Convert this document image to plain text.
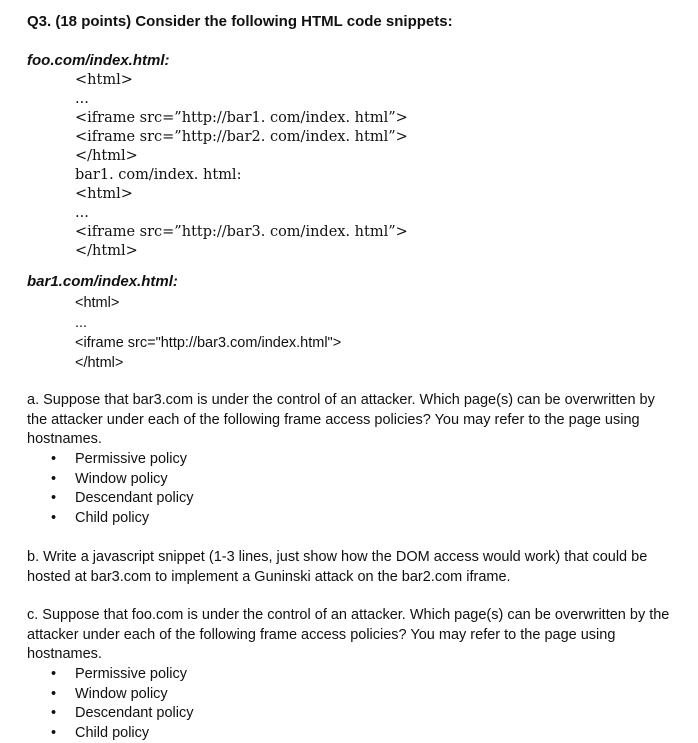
Q3. (18 points) Consider the following HTML code snippets:
foo.com/index.html:
<html>
...
<iframe src=”http://bar1. com/index. html”>
<iframe src=”http://bar2. com/index. html”>
</html>
bar1. com/index. html:
<html>
...
<iframe src=”http://bar3. com/index. html”>
</html>
bar1.com/index.html:
<html>
...
<iframe src="http://bar3.com/index.html">
</html>
a. Suppose that bar3.com is under the control of an attacker. Which page(s) can be overwritten by the attacker under each of the following frame access policies? You may refer to the page using hostnames.
• Permissive policy
• Window policy
• Descendant policy
• Child policy
b. Write a javascript snippet (1-3 lines, just show how the DOM access would work) that could be hosted at bar3.com to implement a Guninski attack on the bar2.com iframe.
c. Suppose that foo.com is under the control of an attacker. Which page(s) can be overwritten by the attacker under each of the following frame access policies? You may refer to the page using hostnames.
• Permissive policy
• Window policy
• Descendant policy
• Child policy
